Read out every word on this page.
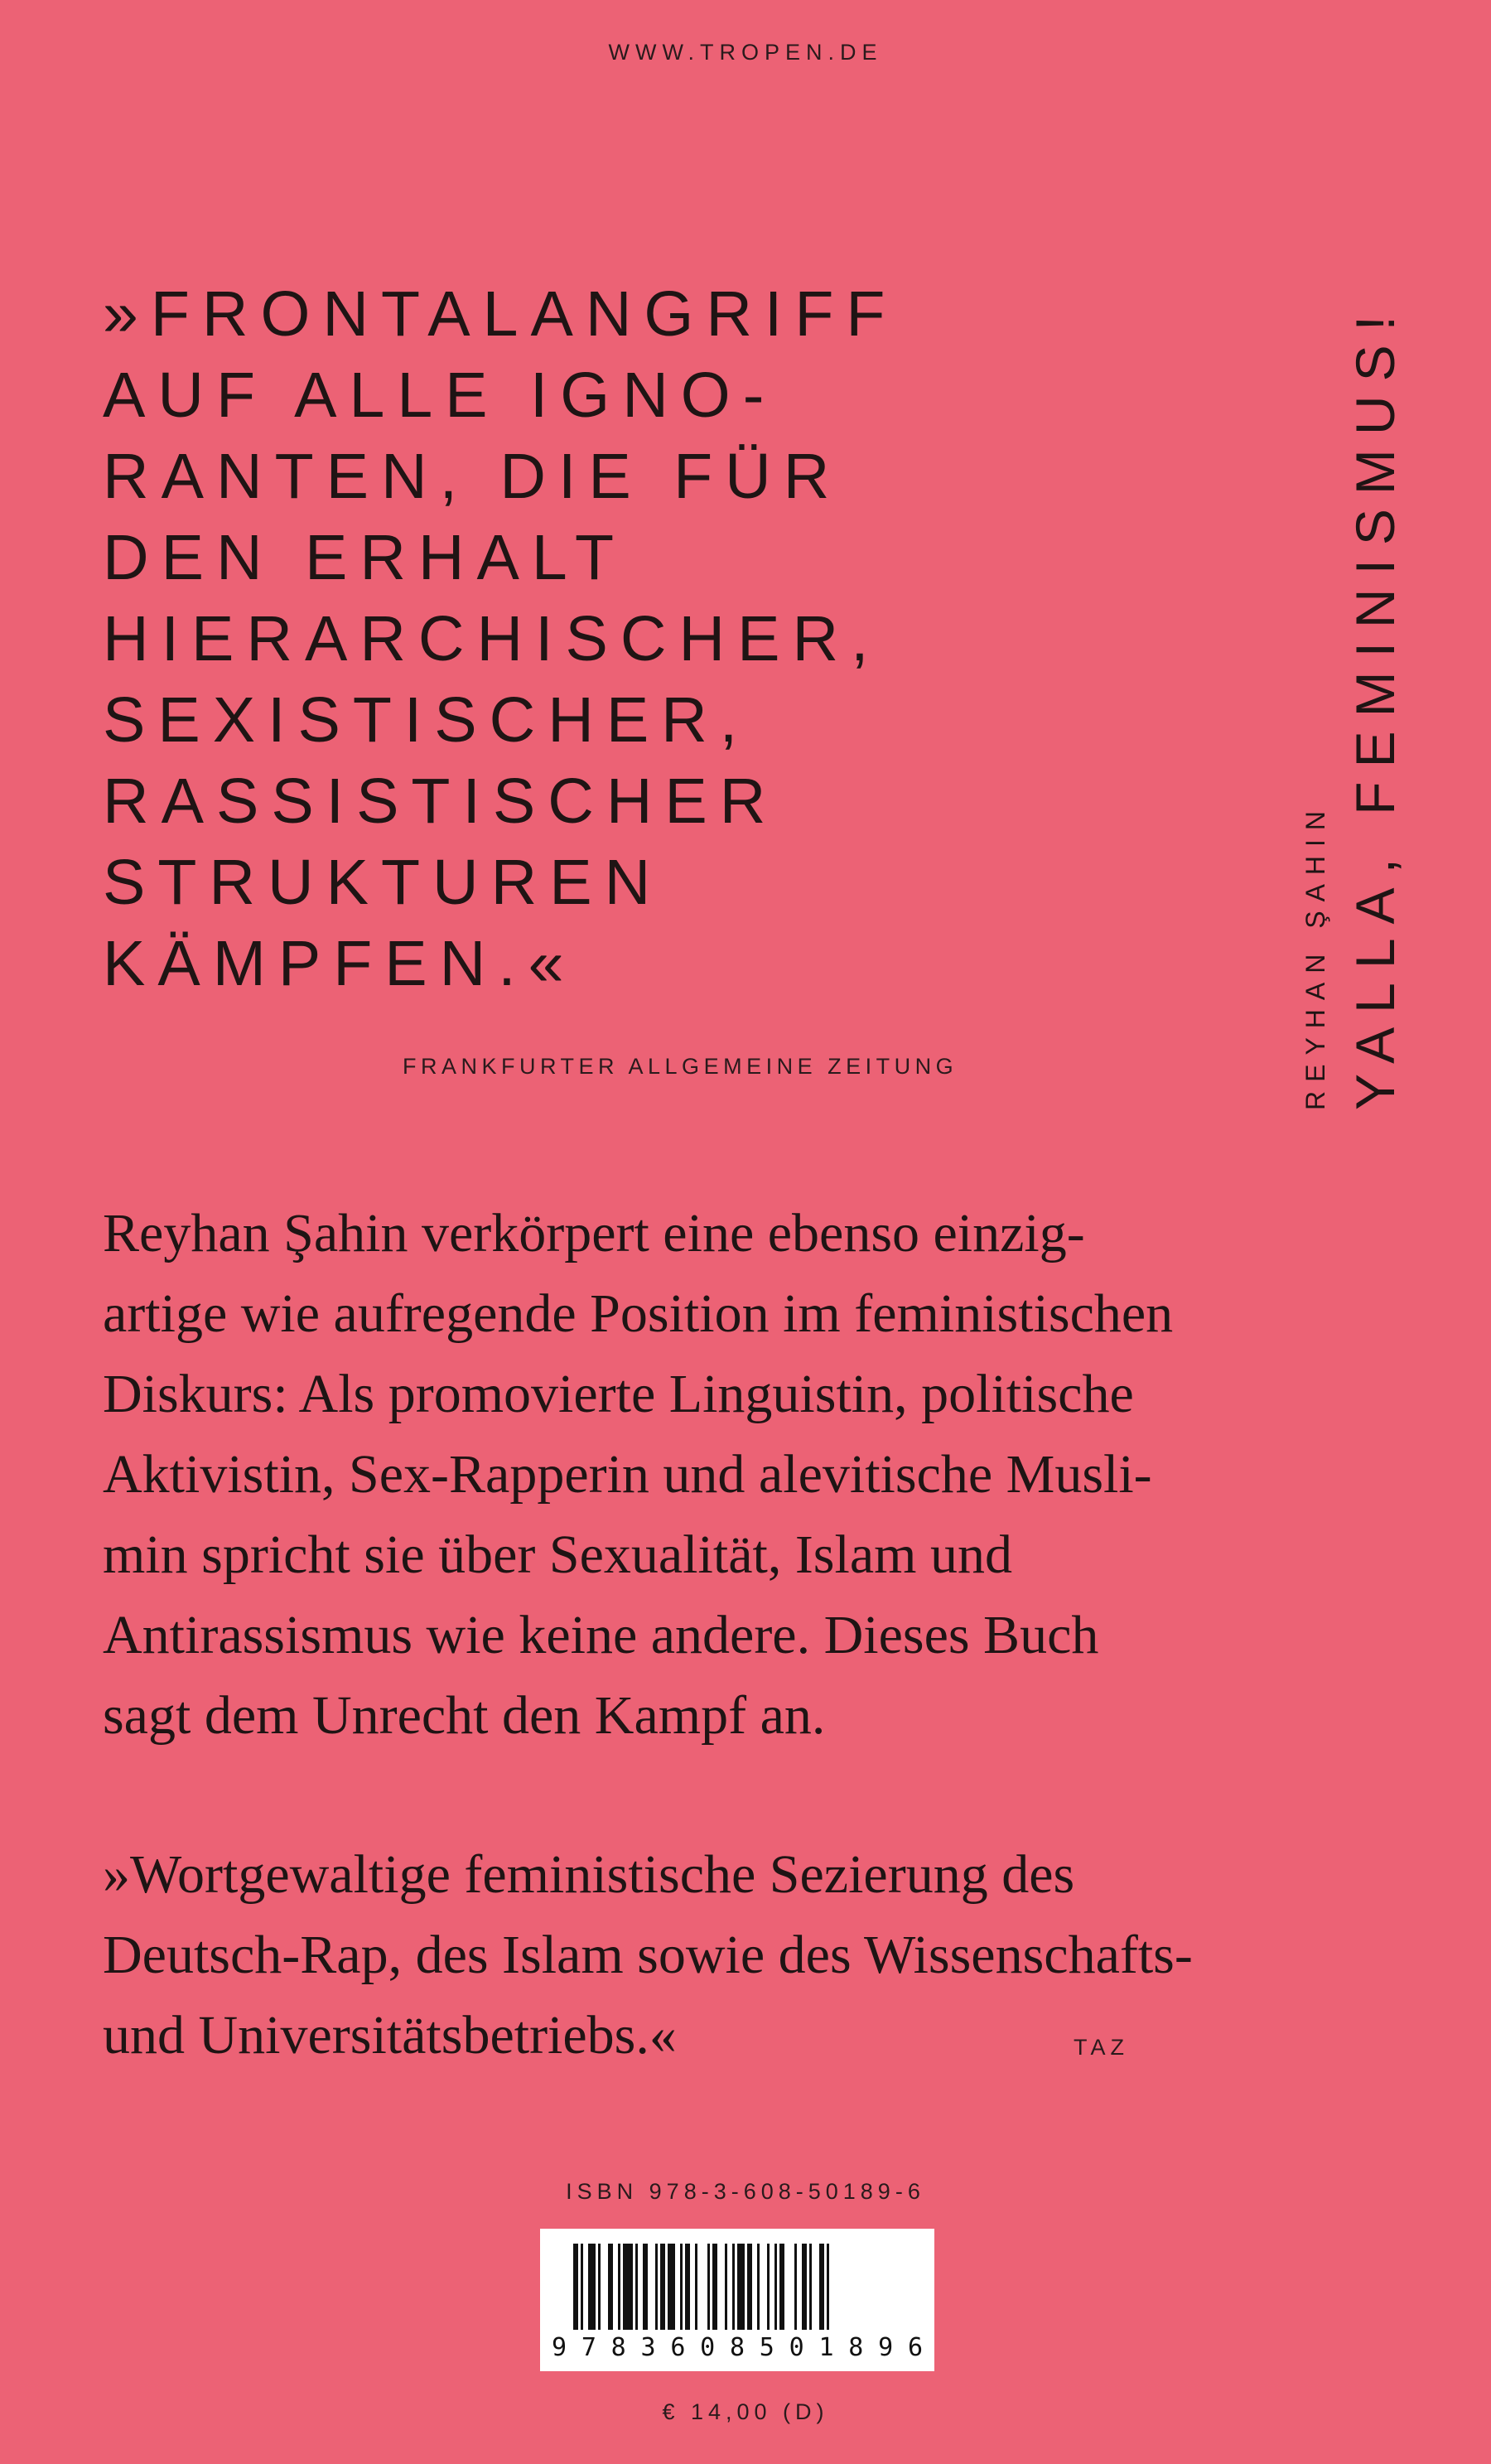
WWW.TROPEN.DE
»FRONTALANGRIFF
AUF ALLE IGNO-
RANTEN, DIE FÜR
DEN ERHALT
HIERARCHISCHER,
SEXISTISCHER,
RASSISTISCHER
STRUKTUREN
KÄMPFEN.«
FRANKFURTER ALLGEMEINE ZEITUNG	REYHAN ŞAHIN YALLA, FEMINISMUS!
Reyhan Şahin verkörpert eine ebenso einzig-
artige wie aufregende Position im feministischen
Diskurs: Als promovierte Linguistin, politische
Aktivistin, Sex-Rapperin und alevitische Musli-
min spricht sie über Sexualität, Islam und
Antirassismus wie keine andere. Dieses Buch
sagt dem Unrecht den Kampf an.
»Wortgewaltige feministische Sezierung des
Deutsch-Rap, des Islam sowie des Wissenschafts-
und Universitätsbetriebs.«	TAZ
ISBN 978-3-608-50189-6
9 7 8 3 6 0 8 5 0 1 8 9 6
€ 14,00 (D)
